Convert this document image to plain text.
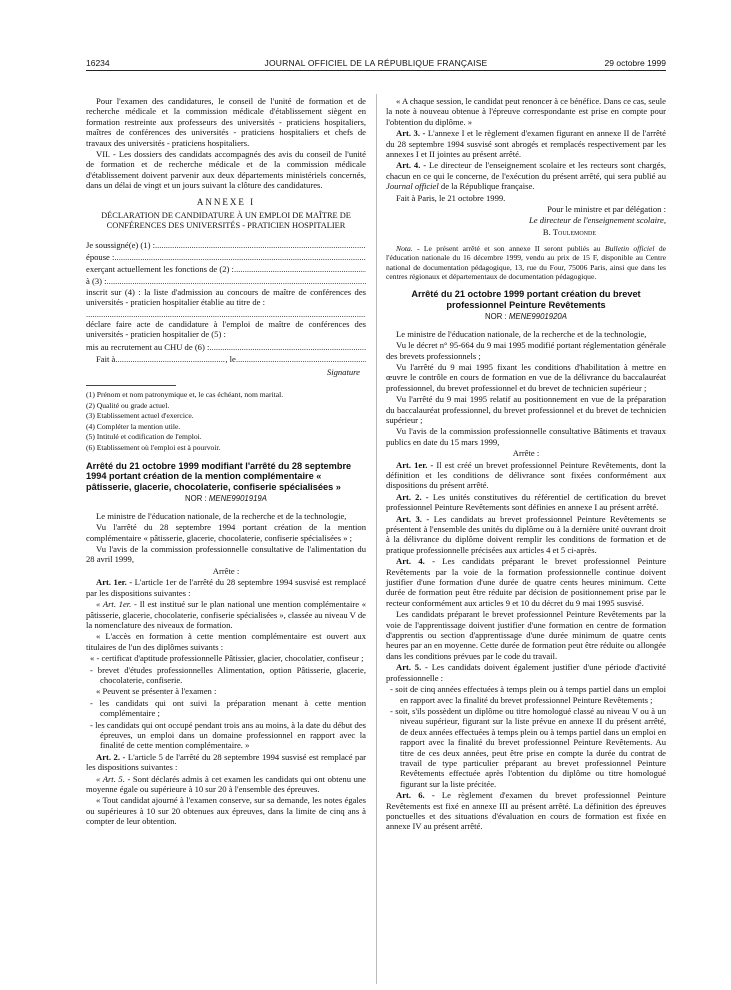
16234	JOURNAL OFFICIEL DE LA RÉPUBLIQUE FRANÇAISE	29 octobre 1999

Pour l'examen des candidatures, le conseil de l'unité de formation et de recherche médicale et la commission médicale d'établissement siègent en formation restreinte aux professeurs des universités - praticiens hospitaliers, maîtres de conférences des universités - praticiens hospitaliers et chefs de travaux des universités - praticiens hospitaliers.

VII. - Les dossiers des candidats accompagnés des avis du conseil de l'unité de formation et de recherche médicale et de la commission médicale d'établissement doivent parvenir aux deux départements ministériels concernés, dans un délai de vingt et un jours suivant la clôture des candidatures.

ANNEXE I
DÉCLARATION DE CANDIDATURE À UN EMPLOI DE MAÎTRE DE CONFÉRENCES DES UNIVERSITÉS - PRATICIEN HOSPITALIER
Je soussigné(e) (1) :
.....
épouse :
.....
exerçant actuellement les fonctions de (2) :
.....
à (3) :
.....

inscrit sur (4) : la liste d'admission au concours de maître de conférences des universités - praticien hospitalier établie au titre de :

.....

déclare faire acte de candidature à l'emploi de maître de conférences des universités - praticien hospitalier de (5) :

mis au recrutement au CHU de (6) :
.....
Fait à
.....	, le
.....
Signature

(1) Prénom et nom patronymique et, le cas échéant, nom marital.

(2) Qualité ou grade actuel.

(3) Etablissement actuel d'exercice.

(4) Compléter la mention utile.

(5) Intitulé et codification de l'emploi.

(6) Etablissement où l'emploi est à pourvoir.

Arrêté du 21 octobre 1999 modifiant l'arrêté du 28 septembre 1994 portant création de la mention complémentaire « pâtisserie, glacerie, chocolaterie, confiserie spécialisées »
NOR : MENE9901919A

Le ministre de l'éducation nationale, de la recherche et de la technologie,

Vu l'arrêté du 28 septembre 1994 portant création de la mention complémentaire « pâtisserie, glacerie, chocolaterie, confiserie spécialisées » ;

Vu l'avis de la commission professionnelle consultative de l'alimentation du 28 avril 1999,

Arrête :

Art. 1er. - L'article 1er de l'arrêté du 28 septembre 1994 susvisé est remplacé par les dispositions suivantes :

« Art. 1er. - Il est institué sur le plan national une mention complémentaire « pâtisserie, glacerie, chocolaterie, confiserie spécialisées », classée au niveau V de la nomenclature des niveaux de formation.

« L'accès en formation à cette mention complémentaire est ouvert aux titulaires de l'un des diplômes suivants :

« - certificat d'aptitude professionnelle Pâtissier, glacier, chocolatier, confiseur ;

- brevet d'études professionnelles Alimentation, option Pâtisserie, glacerie, chocolaterie, confiserie.

« Peuvent se présenter à l'examen :

- les candidats qui ont suivi la préparation menant à cette mention complémentaire ;

- les candidats qui ont occupé pendant trois ans au moins, à la date du début des épreuves, un emploi dans un domaine professionnel en rapport avec la finalité de cette mention complémentaire. »

Art. 2. - L'article 5 de l'arrêté du 28 septembre 1994 susvisé est remplacé par les dispositions suivantes :

« Art. 5. - Sont déclarés admis à cet examen les candidats qui ont obtenu une moyenne égale ou supérieure à 10 sur 20 à l'ensemble des épreuves.

« Tout candidat ajourné à l'examen conserve, sur sa demande, les notes égales ou supérieures à 10 sur 20 obtenues aux épreuves, dans la limite de cinq ans à compter de leur obtention.

« A chaque session, le candidat peut renoncer à ce bénéfice. Dans ce cas, seule la note à nouveau obtenue à l'épreuve correspondante est prise en compte pour l'obtention du diplôme. »

Art. 3. - L'annexe I et le règlement d'examen figurant en annexe II de l'arrêté du 28 septembre 1994 susvisé sont abrogés et remplacés respectivement par les annexes I et II jointes au présent arrêté.

Art. 4. - Le directeur de l'enseignement scolaire et les recteurs sont chargés, chacun en ce qui le concerne, de l'exécution du présent arrêté, qui sera publié au Journal officiel de la République française.

Fait à Paris, le 21 octobre 1999.

Pour le ministre et par délégation :

Le directeur de l'enseignement scolaire,

B. Toulemonde

Nota. - Le présent arrêté et son annexe II seront publiés au Bulletin officiel de l'éducation nationale du 16 décembre 1999, vendu au prix de 15 F, disponible au Centre national de documentation pédagogique, 13, rue du Four, 75006 Paris, ainsi que dans les centres régionaux et départementaux de documentation pédagogique.

Arrêté du 21 octobre 1999 portant création du brevet professionnel Peinture Revêtements
NOR : MENE9901920A

Le ministre de l'éducation nationale, de la recherche et de la technologie,

Vu le décret n° 95-664 du 9 mai 1995 modifié portant réglementation générale des brevets professionnels ;

Vu l'arrêté du 9 mai 1995 fixant les conditions d'habilitation à mettre en œuvre le contrôle en cours de formation en vue de la délivrance du baccalauréat professionnel, du brevet professionnel et du brevet de technicien supérieur ;

Vu l'arrêté du 9 mai 1995 relatif au positionnement en vue de la préparation du baccalauréat professionnel, du brevet professionnel et du brevet de technicien supérieur ;

Vu l'avis de la commission professionnelle consultative Bâtiments et travaux publics en date du 15 mars 1999,

Arrête :

Art. 1er. - Il est créé un brevet professionnel Peinture Revêtements, dont la définition et les conditions de délivrance sont fixées conformément aux dispositions du présent arrêté.

Art. 2. - Les unités constitutives du référentiel de certification du brevet professionnel Peinture Revêtements sont définies en annexe I au présent arrêté.

Art. 3. - Les candidats au brevet professionnel Peinture Revêtements se présentent à l'ensemble des unités du diplôme ou à la dernière unité ouvrant droit à la délivrance du diplôme doivent remplir les conditions de formation et de pratique professionnelle précisées aux articles 4 et 5 ci-après.

Art. 4. - Les candidats préparant le brevet professionnel Peinture Revêtements par la voie de la formation professionnelle continue doivent justifier d'une formation d'une durée de quatre cents heures minimum. Cette durée de formation peut être réduite par décision de positionnement prise par le recteur conformément aux articles 9 et 10 du décret du 9 mai 1995 susvisé.

Les candidats préparant le brevet professionnel Peinture Revêtements par la voie de l'apprentissage doivent justifier d'une formation en centre de formation d'apprentis ou section d'apprentissage d'une durée minimum de quatre cents heures par an en moyenne. Cette durée de formation peut être réduite ou allongée dans les conditions prévues par le code du travail.

Art. 5. - Les candidats doivent également justifier d'une période d'activité professionnelle :

- soit de cinq années effectuées à temps plein ou à temps partiel dans un emploi en rapport avec la finalité du brevet professionnel Peinture Revêtements ;

- soit, s'ils possèdent un diplôme ou titre homologué classé au niveau V ou à un niveau supérieur, figurant sur la liste prévue en annexe II du présent arrêté, de deux années effectuées à temps plein ou à temps partiel dans un emploi en rapport avec la finalité du brevet professionnel Peinture Revêtements. Au titre de ces deux années, peut être prise en compte la durée du contrat de travail de type particulier préparant au brevet professionnel Peinture Revêtements effectuée après l'obtention du diplôme ou titre homologué figurant sur la liste précitée.

Art. 6. - Le règlement d'examen du brevet professionnel Peinture Revêtements est fixé en annexe III au présent arrêté. La définition des épreuves ponctuelles et des situations d'évaluation en cours de formation est fixée en annexe IV au présent arrêté.
